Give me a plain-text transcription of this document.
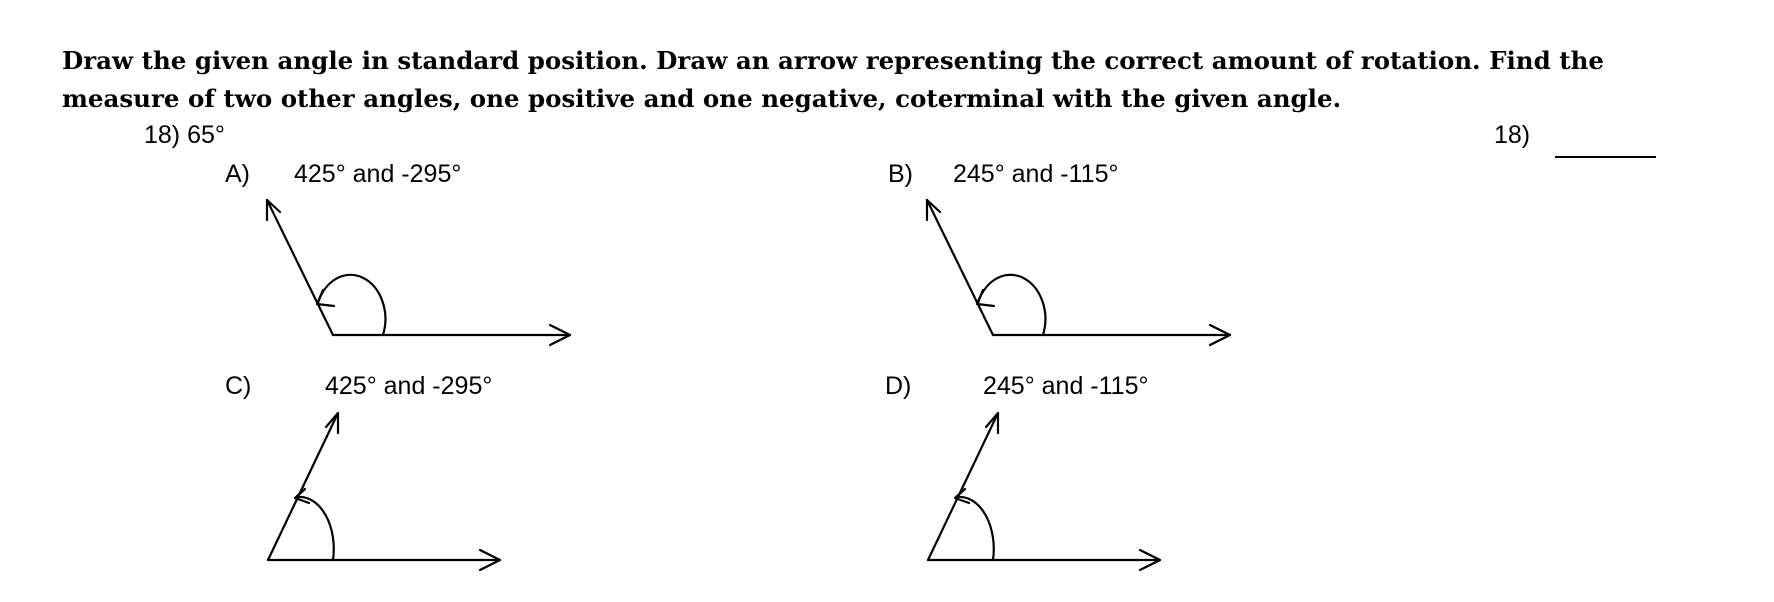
Draw the given angle in standard position. Draw an arrow representing the correct amount of rotation. Find the measure of two other angles, one positive and one negative, coterminal with the given angle.

18) 65°	18)
A) 425° and -295°	B) 245° and -115°
C)	425° and -295°	D)	245° and -115°
